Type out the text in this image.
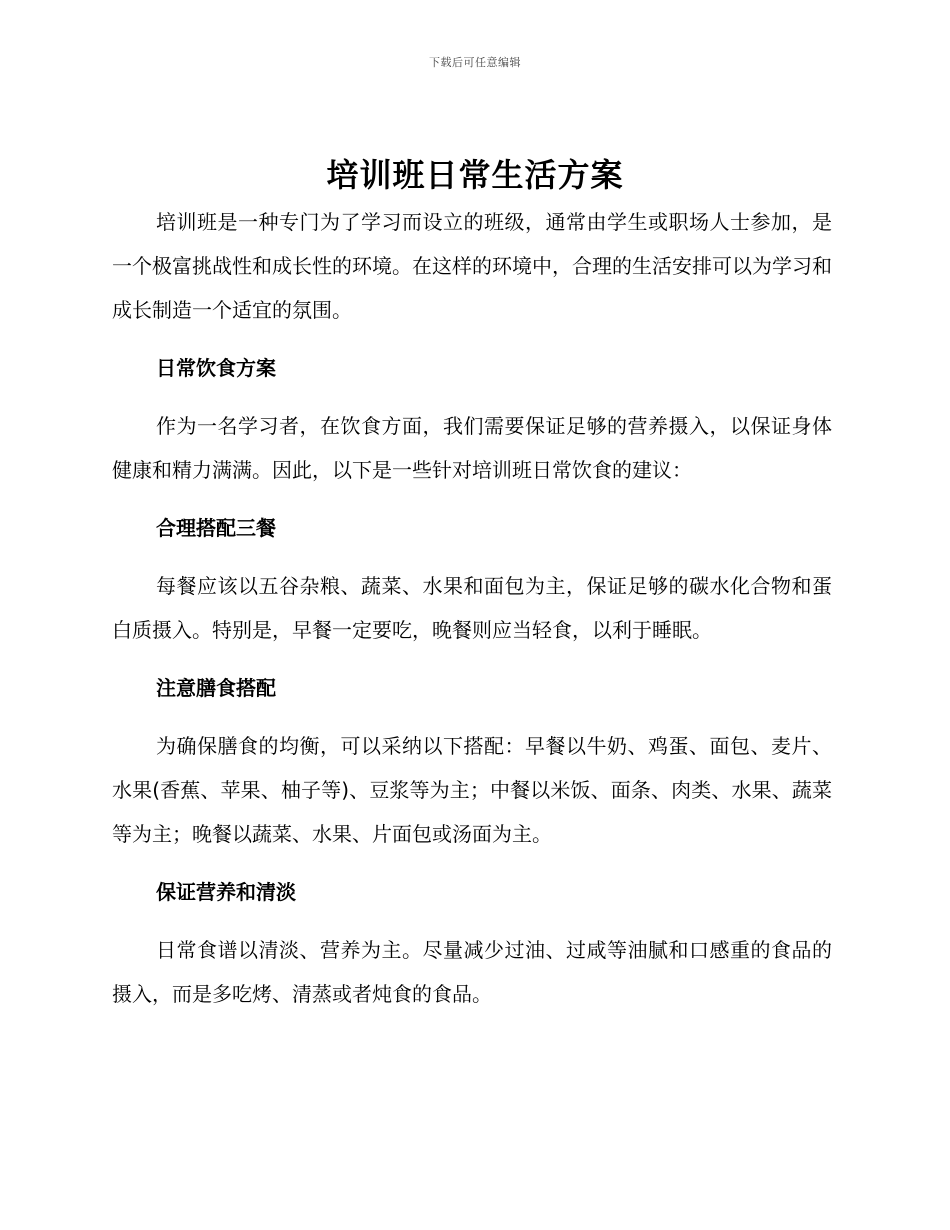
下载后可任意编辑
培训班日常生活方案

培训班是一种专门为了学习而设立的班级，通常由学生或职场人士参加，是一个极富挑战性和成长性的环境。在这样的环境中，合理的生活安排可以为学习和成长制造一个适宜的氛围。

日常饮食方案

作为一名学习者，在饮食方面，我们需要保证足够的营养摄入，以保证身体健康和精力满满。因此，以下是一些针对培训班日常饮食的建议：

合理搭配三餐

每餐应该以五谷杂粮、蔬菜、水果和面包为主，保证足够的碳水化合物和蛋白质摄入。特别是，早餐一定要吃，晚餐则应当轻食，以利于睡眠。

注意膳食搭配

为确保膳食的均衡，可以采纳以下搭配：早餐以牛奶、鸡蛋、面包、麦片、水果(香蕉、苹果、柚子等)、豆浆等为主；中餐以米饭、面条、肉类、水果、蔬菜等为主；晚餐以蔬菜、水果、片面包或汤面为主。

保证营养和清淡

日常食谱以清淡、营养为主。尽量减少过油、过咸等油腻和口感重的食品的摄入，而是多吃烤、清蒸或者炖食的食品。
